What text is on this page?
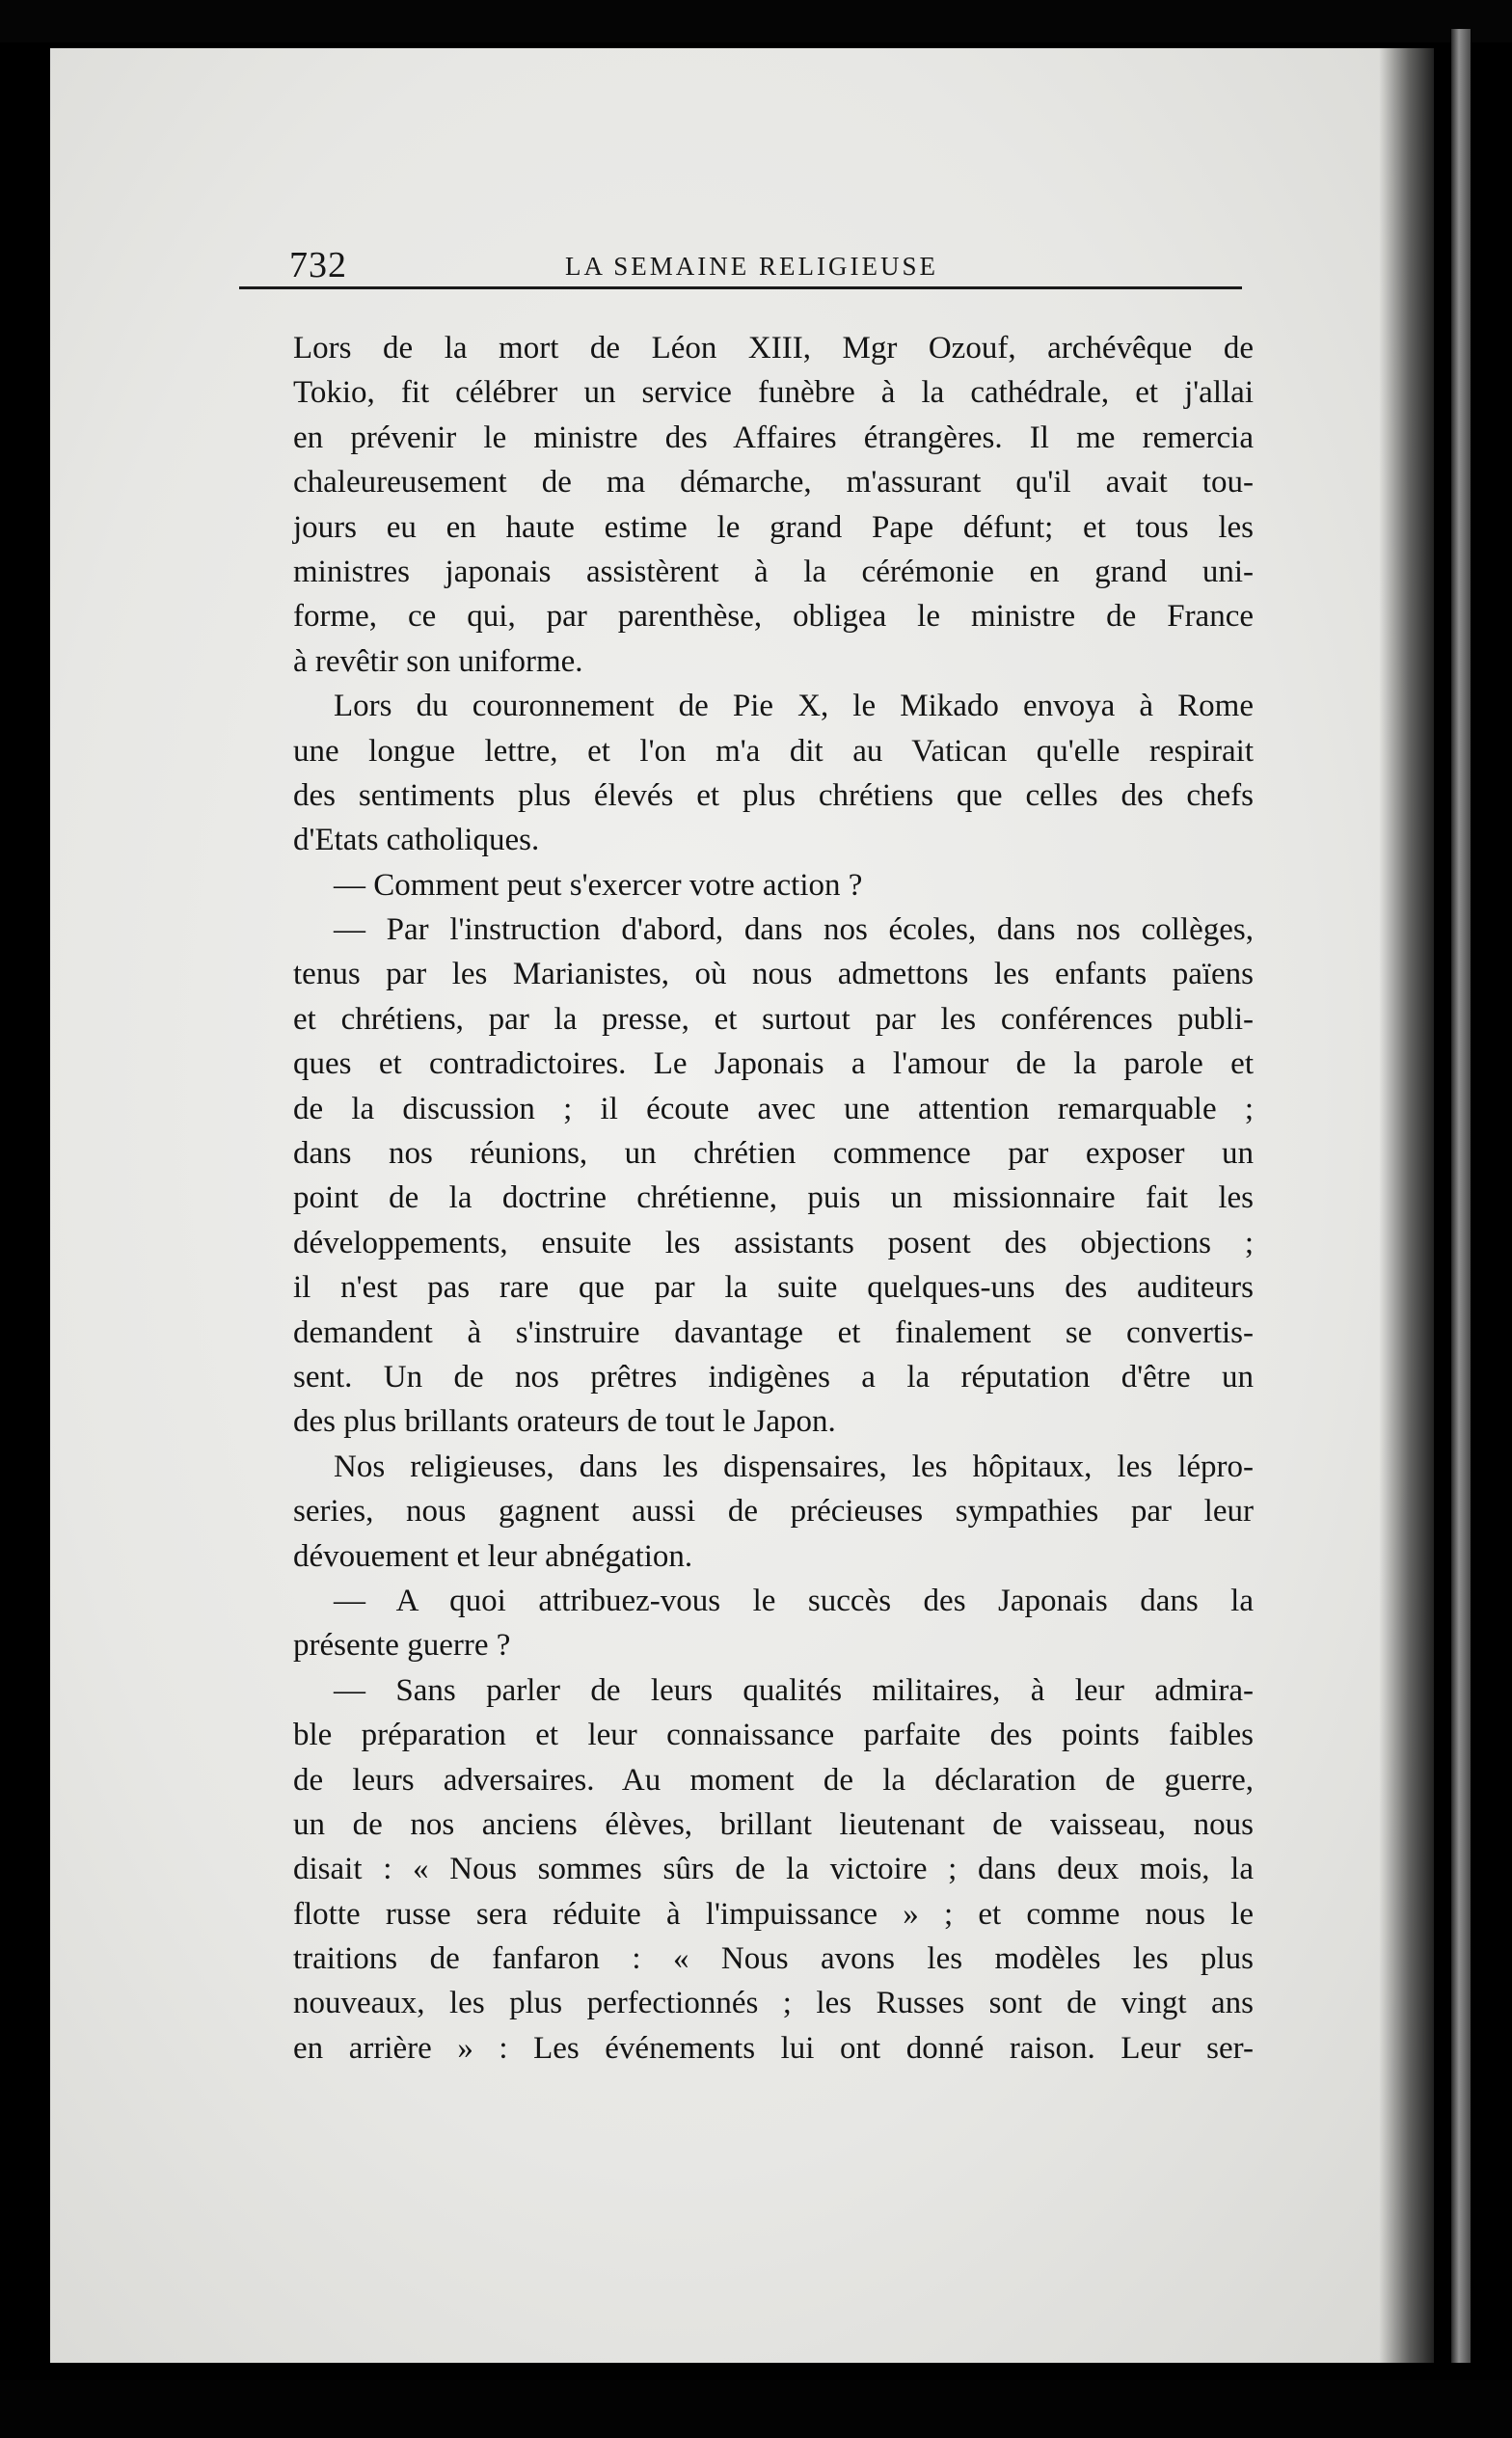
732	LA SEMAINE RELIGIEUSE
Lors de la mort de Léon XIII, Mgr Ozouf, archévêque de
Tokio, fit célébrer un service funèbre à la cathédrale, et j'allai
en prévenir le ministre des Affaires étrangères. Il me remercia
chaleureusement de ma démarche, m'assurant qu'il avait tou-
jours eu en haute estime le grand Pape défunt; et tous les
ministres japonais assistèrent à la cérémonie en grand uni-
forme, ce qui, par parenthèse, obligea le ministre de France
à revêtir son uniforme.
Lors du couronnement de Pie X, le Mikado envoya à Rome
une longue lettre, et l'on m'a dit au Vatican qu'elle respirait
des sentiments plus élevés et plus chrétiens que celles des chefs
d'Etats catholiques.
— Comment peut s'exercer votre action ?
— Par l'instruction d'abord, dans nos écoles, dans nos collèges,
tenus par les Marianistes, où nous admettons les enfants païens
et chrétiens, par la presse, et surtout par les conférences publi-
ques et contradictoires. Le Japonais a l'amour de la parole et
de la discussion ; il écoute avec une attention remarquable ;
dans nos réunions, un chrétien commence par exposer un
point de la doctrine chrétienne, puis un missionnaire fait les
développements, ensuite les assistants posent des objections ;
il n'est pas rare que par la suite quelques-uns des auditeurs
demandent à s'instruire davantage et finalement se convertis-
sent. Un de nos prêtres indigènes a la réputation d'être un
des plus brillants orateurs de tout le Japon.
Nos religieuses, dans les dispensaires, les hôpitaux, les lépro-
series, nous gagnent aussi de précieuses sympathies par leur
dévouement et leur abnégation.
— A quoi attribuez-vous le succès des Japonais dans la
présente guerre ?
— Sans parler de leurs qualités militaires, à leur admira-
ble préparation et leur connaissance parfaite des points faibles
de leurs adversaires. Au moment de la déclaration de guerre,
un de nos anciens élèves, brillant lieutenant de vaisseau, nous
disait : « Nous sommes sûrs de la victoire ; dans deux mois, la
flotte russe sera réduite à l'impuissance » ; et comme nous le
traitions de fanfaron : « Nous avons les modèles les plus
nouveaux, les plus perfectionnés ; les Russes sont de vingt ans
en arrière » : Les événements lui ont donné raison. Leur ser-
